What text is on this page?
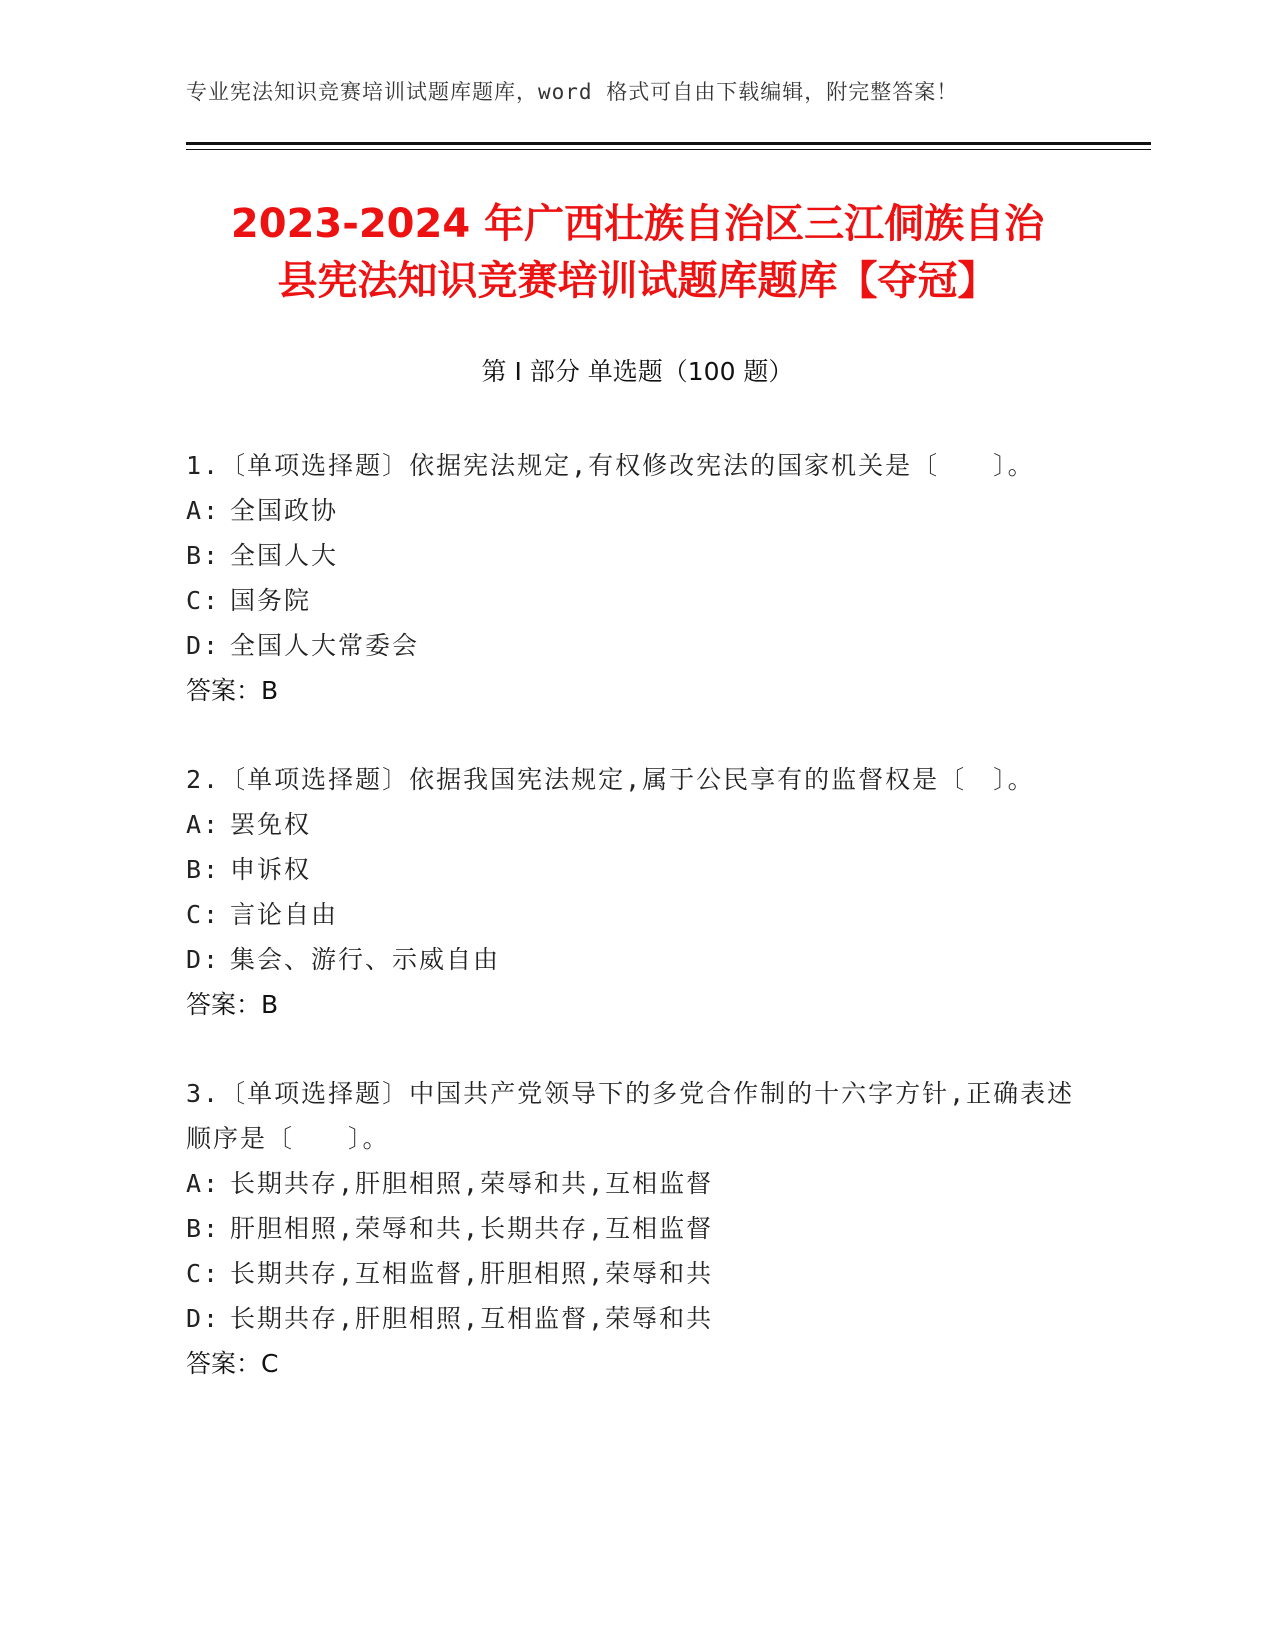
专业宪法知识竞赛培训试题库题库，word 格式可自由下载编辑，附完整答案！
2023-2024 年广西壮族自治区三江侗族自治
县宪法知识竞赛培训试题库题库【夺冠】
第 I 部分 单选题（100 题）
1.〔单项选择题〕依据宪法规定,有权修改宪法的国家机关是〔　　〕。
A: 全国政协
B: 全国人大
C: 国务院
D: 全国人大常委会
答案：B
2.〔单项选择题〕依据我国宪法规定,属于公民享有的监督权是〔　〕。
A: 罢免权
B: 申诉权
C: 言论自由
D: 集会、游行、示威自由
答案：B
3.〔单项选择题〕中国共产党领导下的多党合作制的十六字方针,正确表述顺序是〔　　〕。
A: 长期共存,肝胆相照,荣辱和共,互相监督
B: 肝胆相照,荣辱和共,长期共存,互相监督
C: 长期共存,互相监督,肝胆相照,荣辱和共
D: 长期共存,肝胆相照,互相监督,荣辱和共
答案：C
